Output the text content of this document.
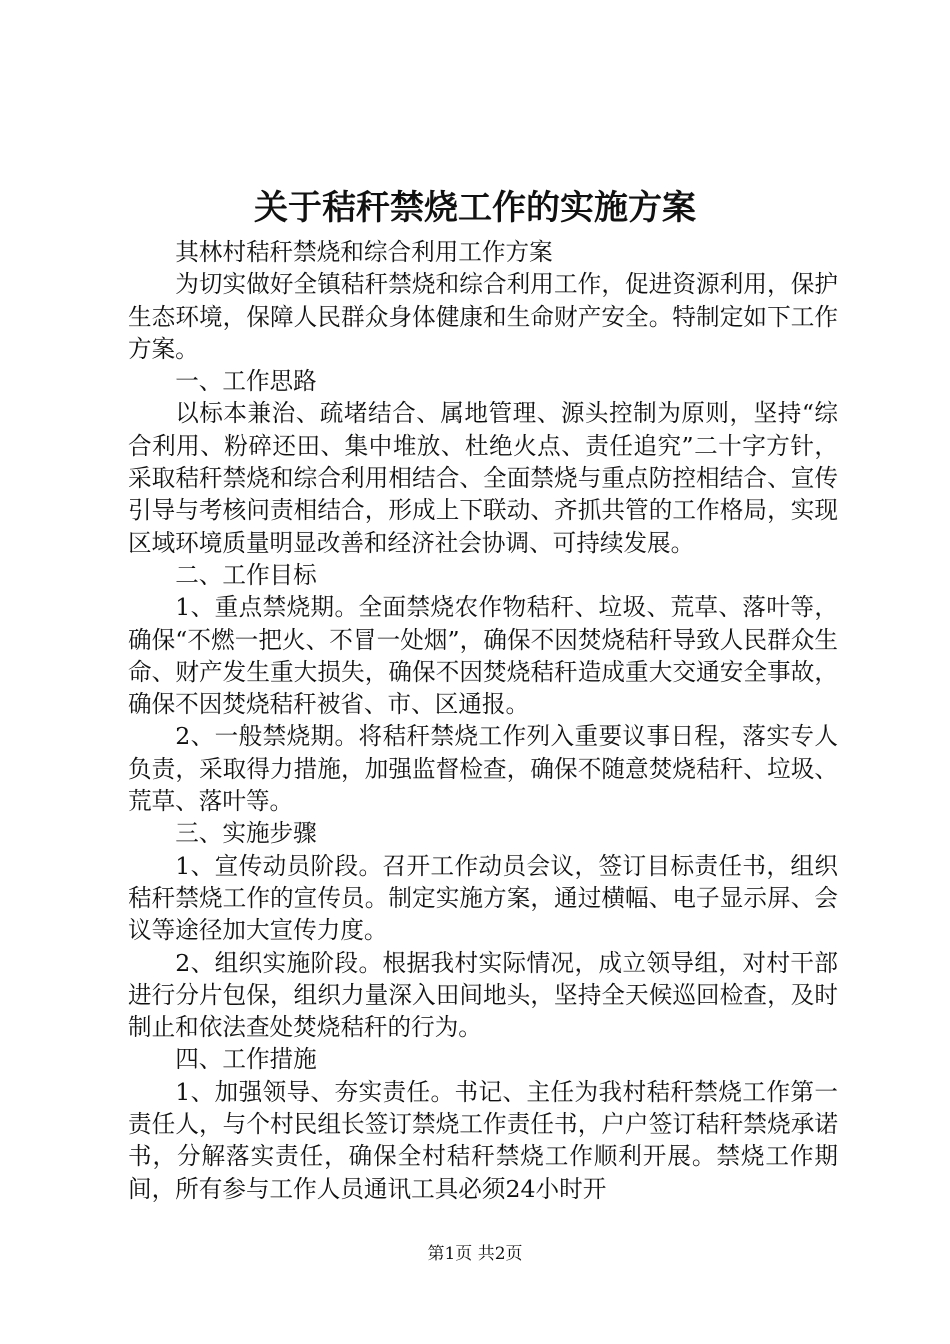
关于秸秆禁烧工作的实施方案

其林村秸秆禁烧和综合利用工作方案

为切实做好全镇秸秆禁烧和综合利用工作，促进资源利用，保护生态环境，保障人民群众身体健康和生命财产安全。特制定如下工作方案。

一、工作思路

以标本兼治、疏堵结合、属地管理、源头控制为原则，坚持“综合利用、粉碎还田、集中堆放、杜绝火点、责任追究”二十字方针，采取秸秆禁烧和综合利用相结合、全面禁烧与重点防控相结合、宣传引导与考核问责相结合，形成上下联动、齐抓共管的工作格局，实现区域环境质量明显改善和经济社会协调、可持续发展。

二、工作目标

1、重点禁烧期。全面禁烧农作物秸秆、垃圾、荒草、落叶等，确保“不燃一把火、不冒一处烟”，确保不因焚烧秸秆导致人民群众生命、财产发生重大损失，确保不因焚烧秸秆造成重大交通安全事故，确保不因焚烧秸秆被省、市、区通报。

2、一般禁烧期。将秸秆禁烧工作列入重要议事日程，落实专人负责，采取得力措施，加强监督检查，确保不随意焚烧秸秆、垃圾、荒草、落叶等。

三、实施步骤

1、宣传动员阶段。召开工作动员会议，签订目标责任书，组织秸秆禁烧工作的宣传员。制定实施方案，通过横幅、电子显示屏、会议等途径加大宣传力度。

2、组织实施阶段。根据我村实际情况，成立领导组，对村干部进行分片包保，组织力量深入田间地头，坚持全天候巡回检查，及时制止和依法查处焚烧秸秆的行为。

四、工作措施

1、加强领导、夯实责任。书记、主任为我村秸秆禁烧工作第一责任人，与个村民组长签订禁烧工作责任书，户户签订秸秆禁烧承诺书，分解落实责任，确保全村秸秆禁烧工作顺利开展。禁烧工作期间，所有参与工作人员通讯工具必须24小时开

第1页 共2页
